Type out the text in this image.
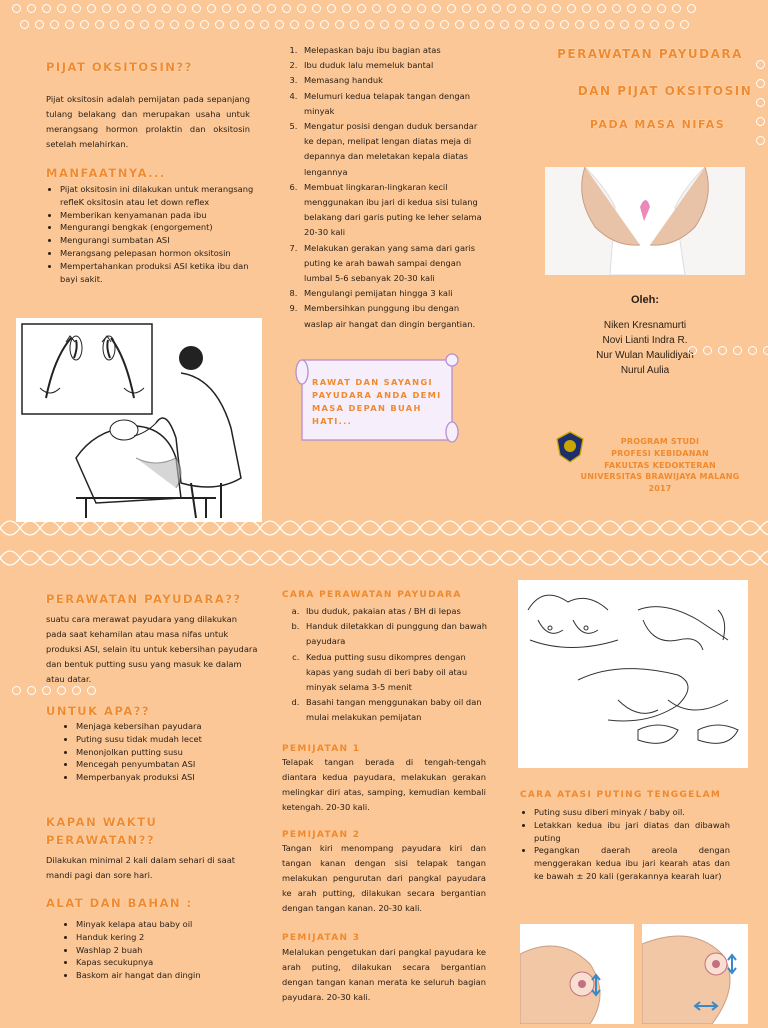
PIJAT OKSITOSIN??
Pijat oksitosin adalah pemijatan pada sepanjang tulang belakang dan merupakan usaha untuk merangsang hormon prolaktin dan oksitosin setelah melahirkan.
MANFAATNYA...
• Pijat oksitosin ini dilakukan untuk merangsang refleK oksitosin atau let down reflex
• Memberikan kenyamanan pada ibu
• Mengurangi bengkak (engorgement)
• Mengurangi sumbatan ASI
• Merangsang pelepasan hormon oksitosin
• Mempertahankan produksi ASI ketika ibu dan bayi sakit.
1. Melepaskan baju ibu bagian atas
2. Ibu duduk lalu memeluk bantal
3. Memasang handuk
4. Melumuri kedua telapak tangan dengan minyak
5. Mengatur posisi dengan duduk bersandar ke depan, melipat lengan diatas meja di depannya dan meletakan kepala diatas lengannya
6. Membuat lingkaran-lingkaran kecil menggunakan ibu jari di kedua sisi tulang belakang dari garis puting ke leher selama 20-30 kali
7. Melakukan gerakan yang sama dari garis puting ke arah bawah sampai dengan lumbal 5-6 sebanyak 20-30 kali
8. Mengulangi pemijatan hingga 3 kali
9. Membersihkan punggung ibu dengan waslap air hangat dan dingin bergantian.
RAWAT DAN SAYANGI PAYUDARA ANDA DEMI MASA DEPAN BUAH HATI...
PERAWATAN PAYUDARA
DAN PIJAT OKSITOSIN
PADA MASA NIFAS
Oleh:
Niken Kresnamurti
Novi Lianti Indra R.
Nur Wulan Maulidiyah
Nurul Aulia
PROGRAM STUDI
PROFESI KEBIDANAN
FAKULTAS KEDOKTERAN
UNIVERSITAS BRAWIJAYA MALANG
2017
PERAWATAN PAYUDARA??
suatu cara merawat payudara yang dilakukan pada saat kehamilan atau masa nifas untuk produksi ASI, selain itu untuk kebersihan payudara dan bentuk putting susu yang masuk ke dalam atau datar.
UNTUK APA??
• Menjaga kebersihan payudara
• Puting susu tidak mudah lecet
• Menonjolkan putting susu
• Mencegah penyumbatan ASI
• Memperbanyak produksi ASI
KAPAN WAKTU
PERAWATAN??
Dilakukan minimal 2 kali dalam sehari di saat mandi pagi dan sore hari.
ALAT DAN BAHAN :
• Minyak kelapa atau baby oil
• Handuk kering 2
• Washlap 2 buah
• Kapas secukupnya
• Baskom air hangat dan dingin
CARA PERAWATAN PAYUDARA
a. Ibu duduk, pakaian atas / BH di lepas
b. Handuk diletakkan di punggung dan bawah payudara
c. Kedua putting susu dikompres dengan kapas yang sudah di beri baby oil atau minyak selama 3-5 menit
d. Basahi tangan menggunakan baby oil dan mulai melakukan pemijatan
PEMIJATAN 1
Telapak tangan berada di tengah-tengah diantara kedua payudara, melakukan gerakan melingkar diri atas, samping, kemudian kembali ketengah. 20-30 kali.
PEMIJATAN 2
Tangan kiri menompang payudara kiri dan tangan kanan dengan sisi telapak tangan melakukan pengurutan dari pangkal payudara ke arah putting, dilakukan secara bergantian dengan tangan kanan. 20-30 kali.
PEMIJATAN 3
Melalukan pengetukan dari pangkal payudara ke arah puting, dilakukan secara bergantian dengan tangan kanan merata ke seluruh bagian payudara. 20-30 kali.
CARA ATASI PUTING TENGGELAM
• Puting susu diberi minyak / baby oil.
• Letakkan kedua ibu jari diatas dan dibawah puting
• Pegangkan daerah areola dengan menggerakan kedua ibu jari kearah atas dan ke bawah ± 20 kali (gerakannya kearah luar)
